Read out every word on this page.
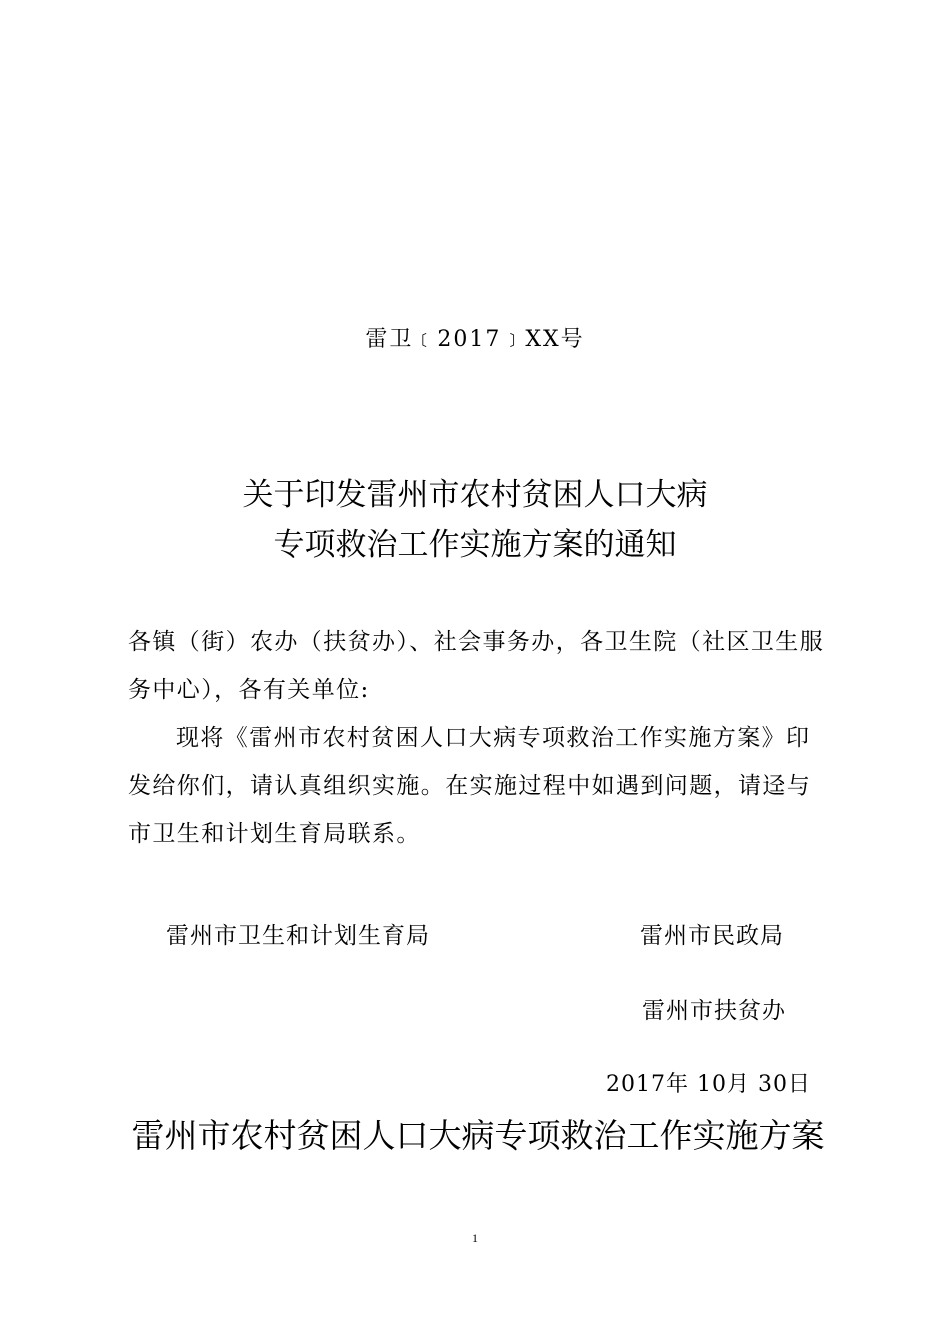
雷卫﹝2017﹞XX号
关于印发雷州市农村贫困人口大病
专项救治工作实施方案的通知

各镇（街）农办（扶贫办）、社会事务办，各卫生院（社区卫生服务中心），各有关单位:

现将《雷州市农村贫困人口大病专项救治工作实施方案》印发给你们，请认真组织实施。在实施过程中如遇到问题，请迳与市卫生和计划生育局联系。

雷州市卫生和计划生育局	雷州市民政局
雷州市扶贫办
2017年 10月 30日
雷州市农村贫困人口大病专项救治工作实施方案
1
